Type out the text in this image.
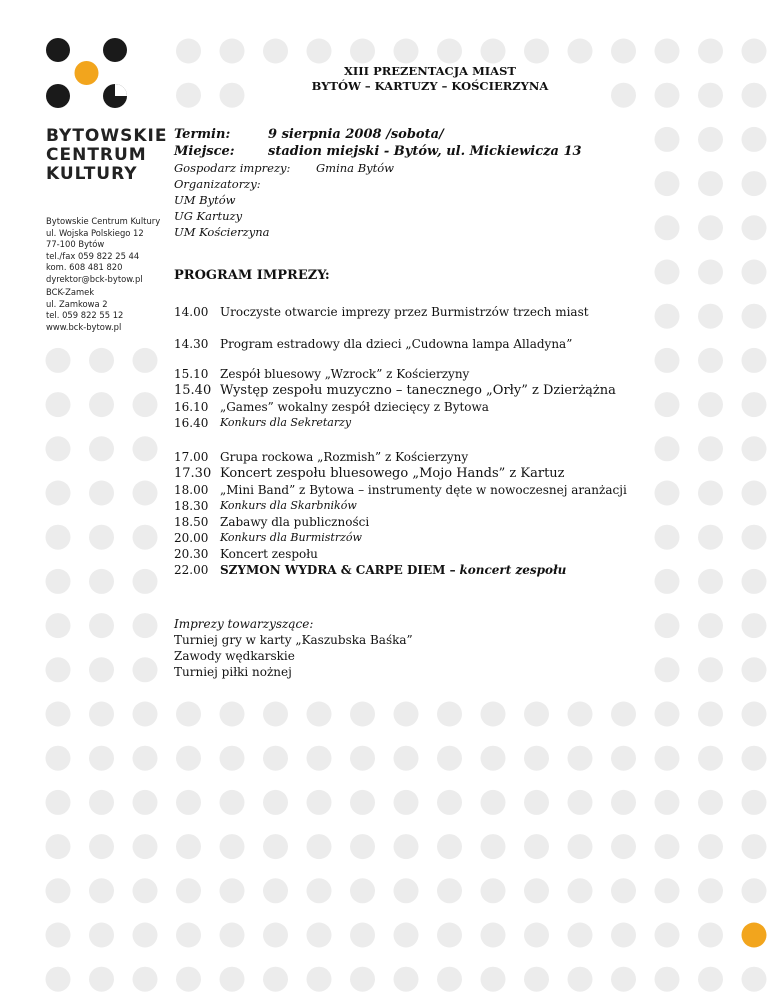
BYTOWSKIE
CENTRUM
KULTURY
Bytowskie Centrum Kultury
ul. Wojska Polskiego 12
77-100 Bytów
tel./fax 059 822 25 44
kom. 608 481 820
dyrektor@bck-bytow.pl
BCK-Zamek
ul. Zamkowa 2
tel. 059 822 55 12
www.bck-bytow.pl
XIII PREZENTACJA MIAST
BYTÓW – KARTUZY – KOŚCIERZYNA
Termin:	9 sierpnia 2008 /sobota/
Miejsce:	stadion miejski - Bytów, ul. Mickiewicza 13
Gospodarz imprezy:	Gmina Bytów
Organizatorzy:
UM Bytów
UG Kartuzy
UM Kościerzyna
PROGRAM IMPREZY:
14.00 Uroczyste otwarcie imprezy przez Burmistrzów trzech miast
14.30 Program estradowy dla dzieci „Cudowna lampa Alladyna”
15.10 Zespół bluesowy „Wzrock” z Kościerzyny
15.40 Występ zespołu muzyczno – tanecznego „Orły” z Dzierżążna
16.10 „Games” wokalny zespół dziecięcy z Bytowa
16.40	Konkurs dla Sekretarzy
17.00 Grupa rockowa „Rozmish” z Kościerzyny
17.30 Koncert zespołu bluesowego „Mojo Hands” z Kartuz
18.00 „Mini Band” z Bytowa – instrumenty dęte w nowoczesnej aranżacji
18.30	Konkurs dla Skarbników
18.50 Zabawy dla publiczności
20.00	Konkurs dla Burmistrzów
20.30 Koncert zespołu
22.00 SZYMON WYDRA & CARPE DIEM –
koncert zespołu
Imprezy towarzyszące:
Turniej gry w karty „Kaszubska Baśka”
Zawody wędkarskie
Turniej piłki nożnej
